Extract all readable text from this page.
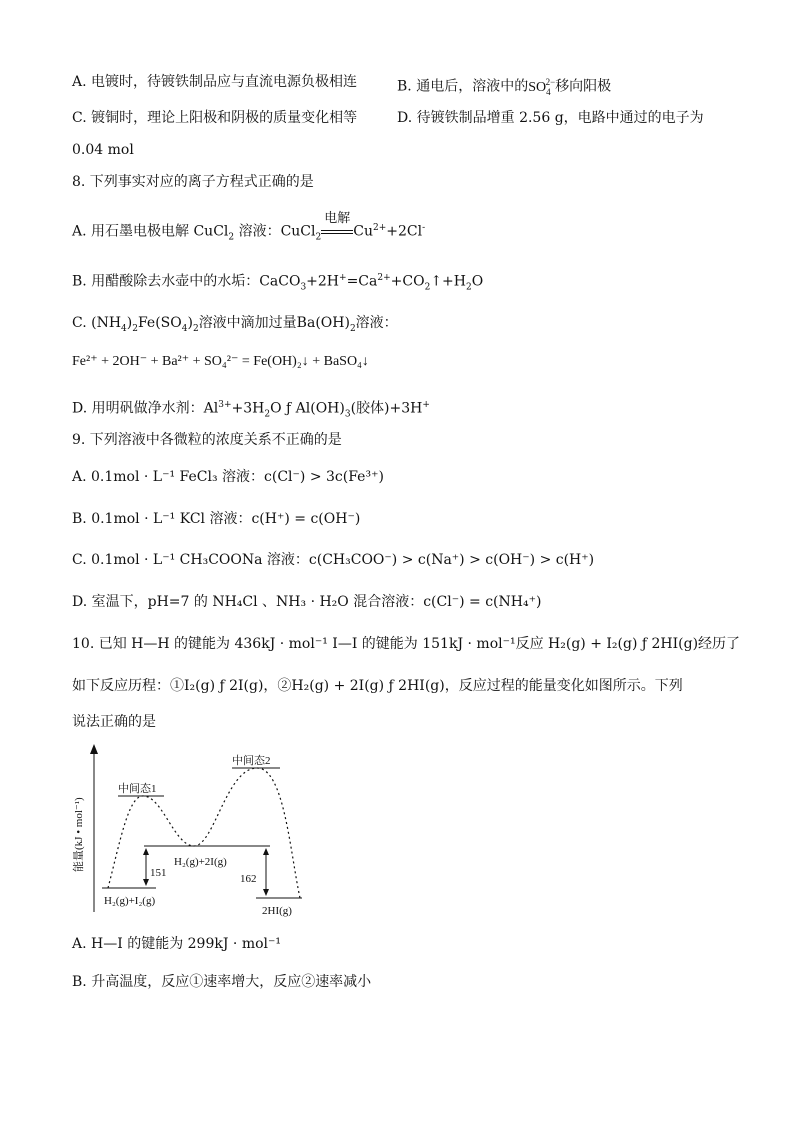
A. 电镀时，待镀铁制品应与直流电源负极相连	B. 通电后，溶液中的$SO_4^{2-}$移向阳极
C. 镀铜时，理论上阳极和阴极的质量变化相等	D. 待镀铁制品增重 2.56 g，电路中通过的电子为
0.04 mol
8. 下列事实对应的离子方程式正确的是
A. 用石墨电极电解 CuCl$_2$ 溶液：CuCl$_2$
电解
$Cu^{2+}+2Cl^-$
B. 用醋酸除去水壶中的水垢：$CaCO_3+2H^+=Ca^{2+}+CO_2↑+H_2O$
C. $(NH_4)_2Fe(SO_4)_2$溶液中滴加过量$Ba(OH)_2$溶液：
Fe²⁺ + 2OH⁻ + Ba²⁺ + SO₄²⁻ = Fe(OH)₂↓ + BaSO₄↓
D. 用明矾做净水剂：$Al^{3+}+3H_2O$ ƒ $Al(OH)_3$(胶体)+3H+
9. 下列溶液中各微粒的浓度关系不正确的是
A. 0.1mol · L⁻¹ FeCl₃ 溶液：c(Cl⁻) > 3c(Fe³⁺)
B. 0.1mol · L⁻¹ KCl 溶液：c(H⁺) = c(OH⁻)
C. 0.1mol · L⁻¹ CH₃COONa 溶液：c(CH₃COO⁻) > c(Na⁺) > c(OH⁻) > c(H⁺)
D. 室温下，pH=7 的 NH₄Cl 、NH₃ · H₂O 混合溶液：c(Cl⁻) = c(NH₄⁺)
10. 已知 H—H 的键能为 436kJ · mol⁻¹ I—I 的键能为 151kJ · mol⁻¹反应 H₂(g) + I₂(g) ƒ 2HI(g)经历了
如下反应历程：①I₂(g) ƒ 2I(g)，②H₂(g) + 2I(g) ƒ 2HI(g)，反应过程的能量变化如图所示。下列
说法正确的是
能量(kJ • mol⁻¹)
中间态1
中间态2
H₂(g)+2I(g)
H₂(g)+I₂(g)
2HI(g)
151	162
A. H—I 的键能为 299kJ · mol⁻¹
B. 升高温度，反应①速率增大，反应②速率减小
